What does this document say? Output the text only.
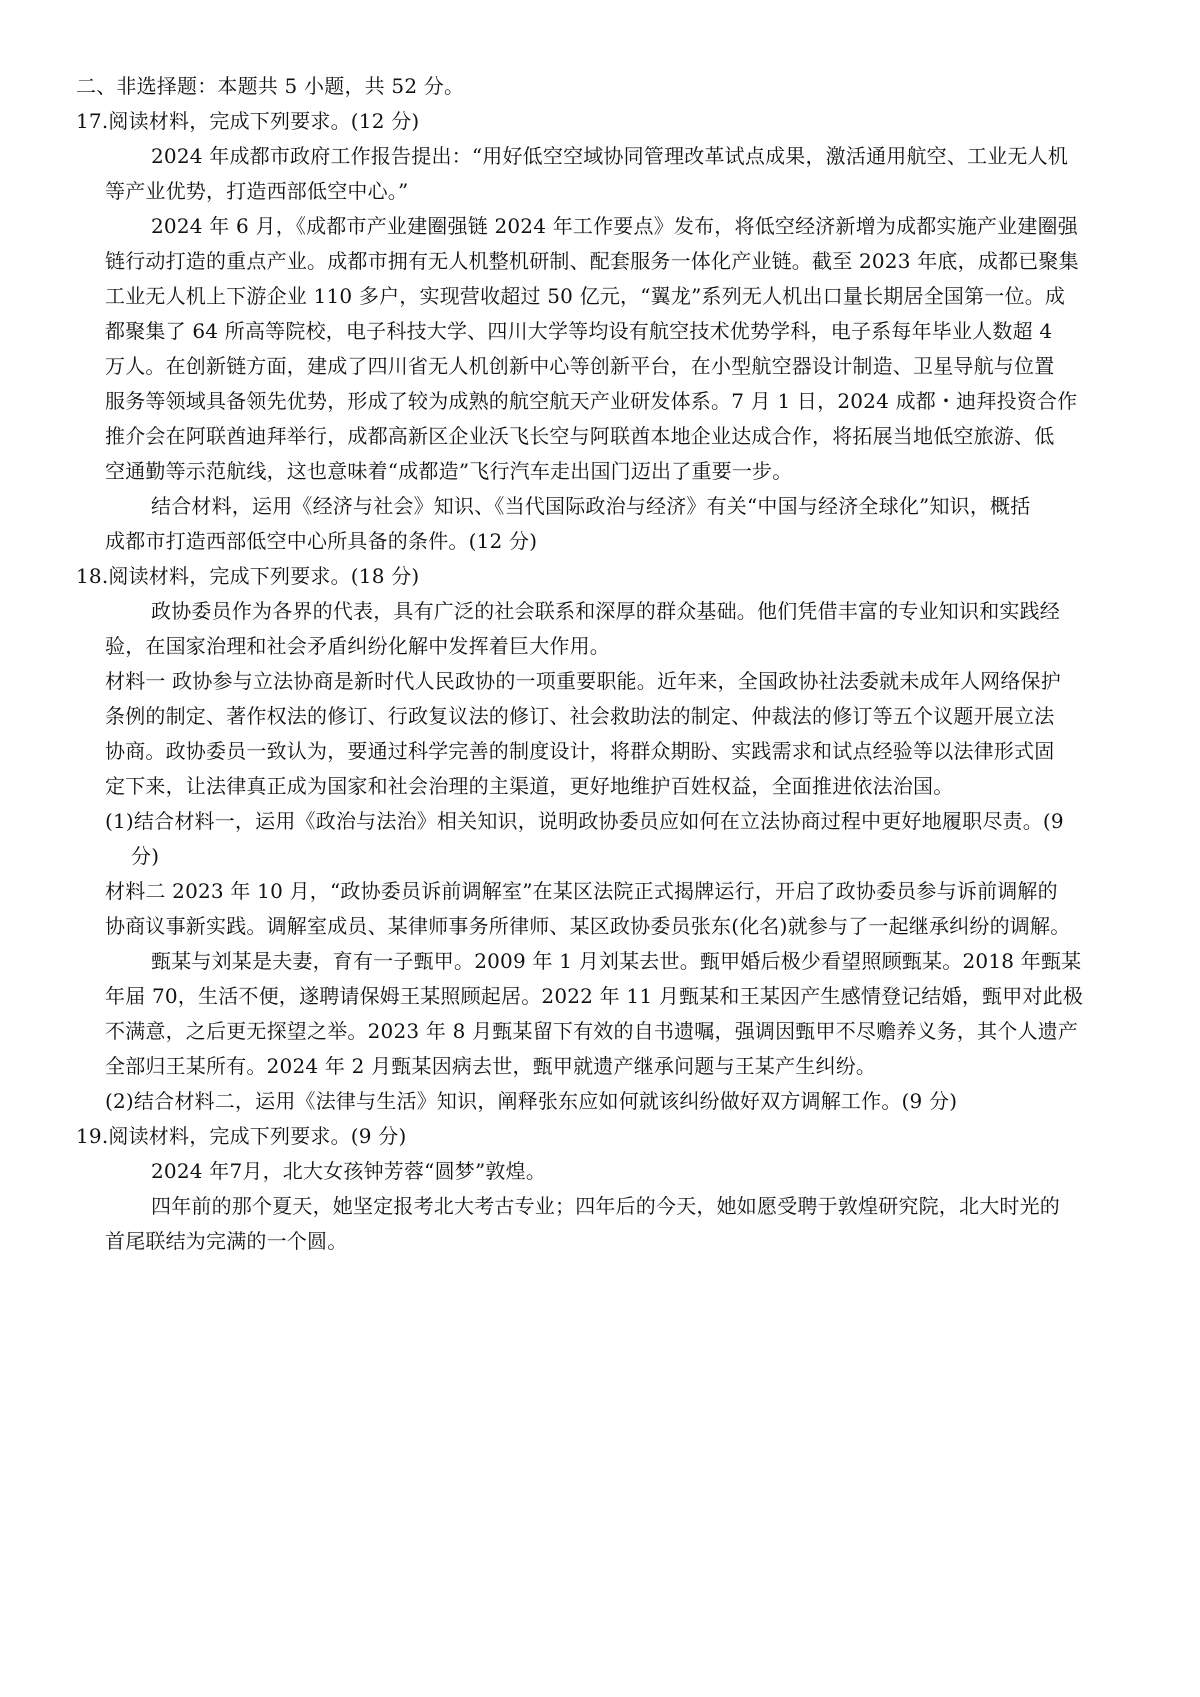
二、非选择题：本题共 5 小题，共 52 分。
17.阅读材料，完成下列要求。(12 分)
2024 年成都市政府工作报告提出：“用好低空空域协同管理改革试点成果，激活通用航空、工业无人机
等产业优势，打造西部低空中心。”
2024 年 6 月，《成都市产业建圈强链 2024 年工作要点》发布，将低空经济新增为成都实施产业建圈强
链行动打造的重点产业。成都市拥有无人机整机研制、配套服务一体化产业链。截至 2023 年底，成都已聚集
工业无人机上下游企业 110 多户，实现营收超过 50 亿元，“翼龙”系列无人机出口量长期居全国第一位。成
都聚集了 64 所高等院校，电子科技大学、四川大学等均设有航空技术优势学科，电子系每年毕业人数超 4
万人。在创新链方面，建成了四川省无人机创新中心等创新平台，在小型航空器设计制造、卫星导航与位置
服务等领域具备领先优势，形成了较为成熟的航空航天产业研发体系。7 月 1 日，2024 成都・迪拜投资合作
推介会在阿联酋迪拜举行，成都高新区企业沃飞长空与阿联酋本地企业达成合作，将拓展当地低空旅游、低
空通勤等示范航线，这也意味着“成都造”飞行汽车走出国门迈出了重要一步。
结合材料，运用《经济与社会》知识、《当代国际政治与经济》有关“中国与经济全球化”知识，概括
成都市打造西部低空中心所具备的条件。(12 分)
18.阅读材料，完成下列要求。(18 分)
政协委员作为各界的代表，具有广泛的社会联系和深厚的群众基础。他们凭借丰富的专业知识和实践经
验，在国家治理和社会矛盾纠纷化解中发挥着巨大作用。
材料一 政协参与立法协商是新时代人民政协的一项重要职能。近年来，全国政协社法委就未成年人网络保护
条例的制定、著作权法的修订、行政复议法的修订、社会救助法的制定、仲裁法的修订等五个议题开展立法
协商。政协委员一致认为，要通过科学完善的制度设计，将群众期盼、实践需求和试点经验等以法律形式固
定下来，让法律真正成为国家和社会治理的主渠道，更好地维护百姓权益，全面推进依法治国。
(1)结合材料一，运用《政治与法治》相关知识，说明政协委员应如何在立法协商过程中更好地履职尽责。(9
分)
材料二 2023 年 10 月，“政协委员诉前调解室”在某区法院正式揭牌运行，开启了政协委员参与诉前调解的
协商议事新实践。调解室成员、某律师事务所律师、某区政协委员张东(化名)就参与了一起继承纠纷的调解。
甄某与刘某是夫妻，育有一子甄甲。2009 年 1 月刘某去世。甄甲婚后极少看望照顾甄某。2018 年甄某
年届 70，生活不便，遂聘请保姆王某照顾起居。2022 年 11 月甄某和王某因产生感情登记结婚，甄甲对此极
不满意，之后更无探望之举。2023 年 8 月甄某留下有效的自书遗嘱，强调因甄甲不尽赡养义务，其个人遗产
全部归王某所有。2024 年 2 月甄某因病去世，甄甲就遗产继承问题与王某产生纠纷。
(2)结合材料二，运用《法律与生活》知识，阐释张东应如何就该纠纷做好双方调解工作。(9 分)
19.阅读材料，完成下列要求。(9 分)
2024 年7月，北大女孩钟芳蓉“圆梦”敦煌。
四年前的那个夏天，她坚定报考北大考古专业；四年后的今天，她如愿受聘于敦煌研究院，北大时光的
首尾联结为完满的一个圆。
